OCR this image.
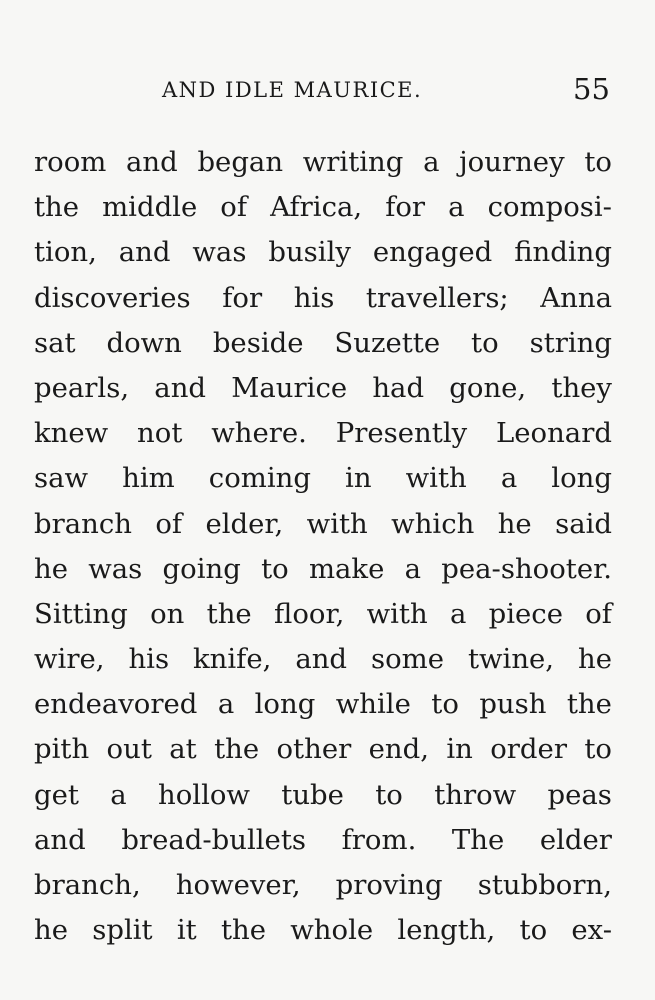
AND IDLE MAURICE.	55
room and began writing a journey to
the middle of Africa, for a composi-
tion, and was busily engaged finding
discoveries for his travellers; Anna
sat down beside Suzette to string
pearls, and Maurice had gone, they
knew not where. Presently Leonard
saw him coming in with a long
branch of elder, with which he said
he was going to make a pea-shooter.
Sitting on the floor, with a piece of
wire, his knife, and some twine, he
endeavored a long while to push the
pith out at the other end, in order to
get a hollow tube to throw peas
and bread-bullets from. The elder
branch, however, proving stubborn,
he split it the whole length, to ex-
